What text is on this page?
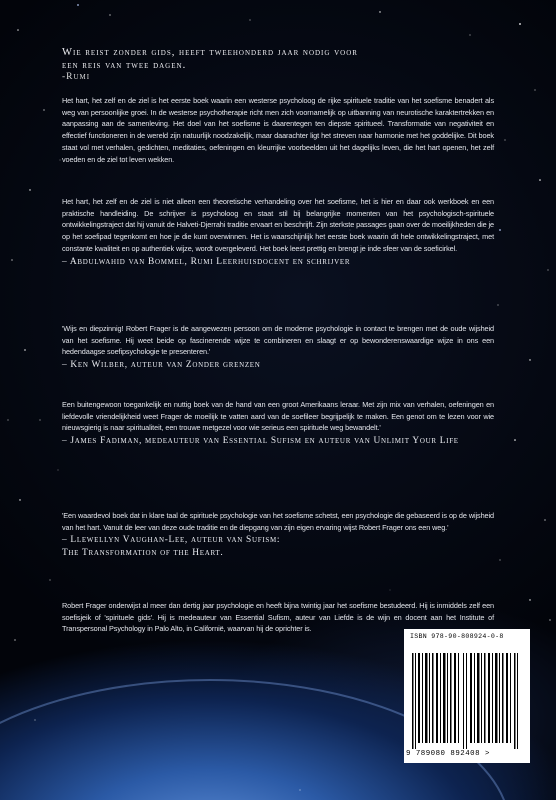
Wie reist zonder gids, heeft tweehonderd jaar nodig voor
een reis van twee dagen.
-Rumi
Het hart, het zelf en de ziel is het eerste boek waarin een westerse psycholoog de rijke spirituele traditie van het soefisme benadert als weg van persoonlijke groei. In de westerse psychotherapie richt men zich voornamelijk op uitbanning van neurotische karaktertrekken en aanpassing aan de samenleving. Het doel van het soefisme is daarentegen ten diepste spiritueel. Transformatie van negativiteit en effectief functioneren in de wereld zijn natuurlijk noodzakelijk, maar daarachter ligt het streven naar harmonie met het goddelijke. Dit boek staat vol met verhalen, gedichten, meditaties, oefeningen en kleurrijke voorbeelden uit het dagelijks leven, die het hart openen, het zelf voeden en de ziel tot leven wekken.
Het hart, het zelf en de ziel is niet alleen een theoretische verhandeling over het soefisme, het is hier en daar ook werkboek en een praktische handleiding. De schrijver is psycholoog en staat stil bij belangrijke momenten van het psychologisch-spirituele ontwikkelingstraject dat hij vanuit de Halveti-Djerrahi traditie ervaart en beschrijft. Zijn sterkste passages gaan over de moeilijkheden die je op het soefipad tegenkomt en hoe je die kunt overwinnen. Het is waarschijnlijk het eerste boek waarin dit hele ontwikkelingstraject, met constante kwaliteit en op authentiek wijze, wordt overgeleverd. Het boek leest prettig en brengt je inde sfeer van de soeficirkel.
– Abdulwahid van Bommel, Rumi Leerhuisdocent en schrijver
'Wijs en diepzinnig! Robert Frager is de aangewezen persoon om de moderne psychologie in contact te brengen met de oude wijsheid van het soefisme. Hij weet beide op fascinerende wijze te combineren en slaagt er op bewonderenswaardige wijze in ons een hedendaagse soefipsychologie te presenteren.'
– Ken Wilber, auteur van Zonder grenzen
Een buitengewoon toegankelijk en nuttig boek van de hand van een groot Amerikaans leraar. Met zijn mix van verhalen, oefeningen en liefdevolle vriendelijkheid weet Frager de moeilijk te vatten aard van de soefileer begrijpelijk te maken. Een genot om te lezen voor wie nieuwsgierig is naar spiritualiteit, een trouwe metgezel voor wie serieus een spirituele weg bewandelt.'
– James Fadiman, medeauteur van Essential Sufism en auteur van Unlimit Your Life
'Een waardevol boek dat in klare taal de spirituele psychologie van het soefisme schetst, een psychologie die gebaseerd is op de wijsheid van het hart. Vanuit de leer van deze oude traditie en de diepgang van zijn eigen ervaring wijst Robert Frager ons een weg.'
– Llewellyn Vaughan-Lee, auteur van Sufism:
The Transformation of the Heart.
Robert Frager onderwijst al meer dan dertig jaar psychologie en heeft bijna twintig jaar het soefisme bestudeerd. Hij is inmiddels zelf een soefisjeik of 'spirituele gids'. Hij is medeauteur van Essential Sufism, auteur van Liefde is de wijn en docent aan het Institute of Transpersonal Psychology in Palo Alto, in Californië, waarvan hij de oprichter is.
ISBN 978-90-808924-0-8
9 789080 892408 >
